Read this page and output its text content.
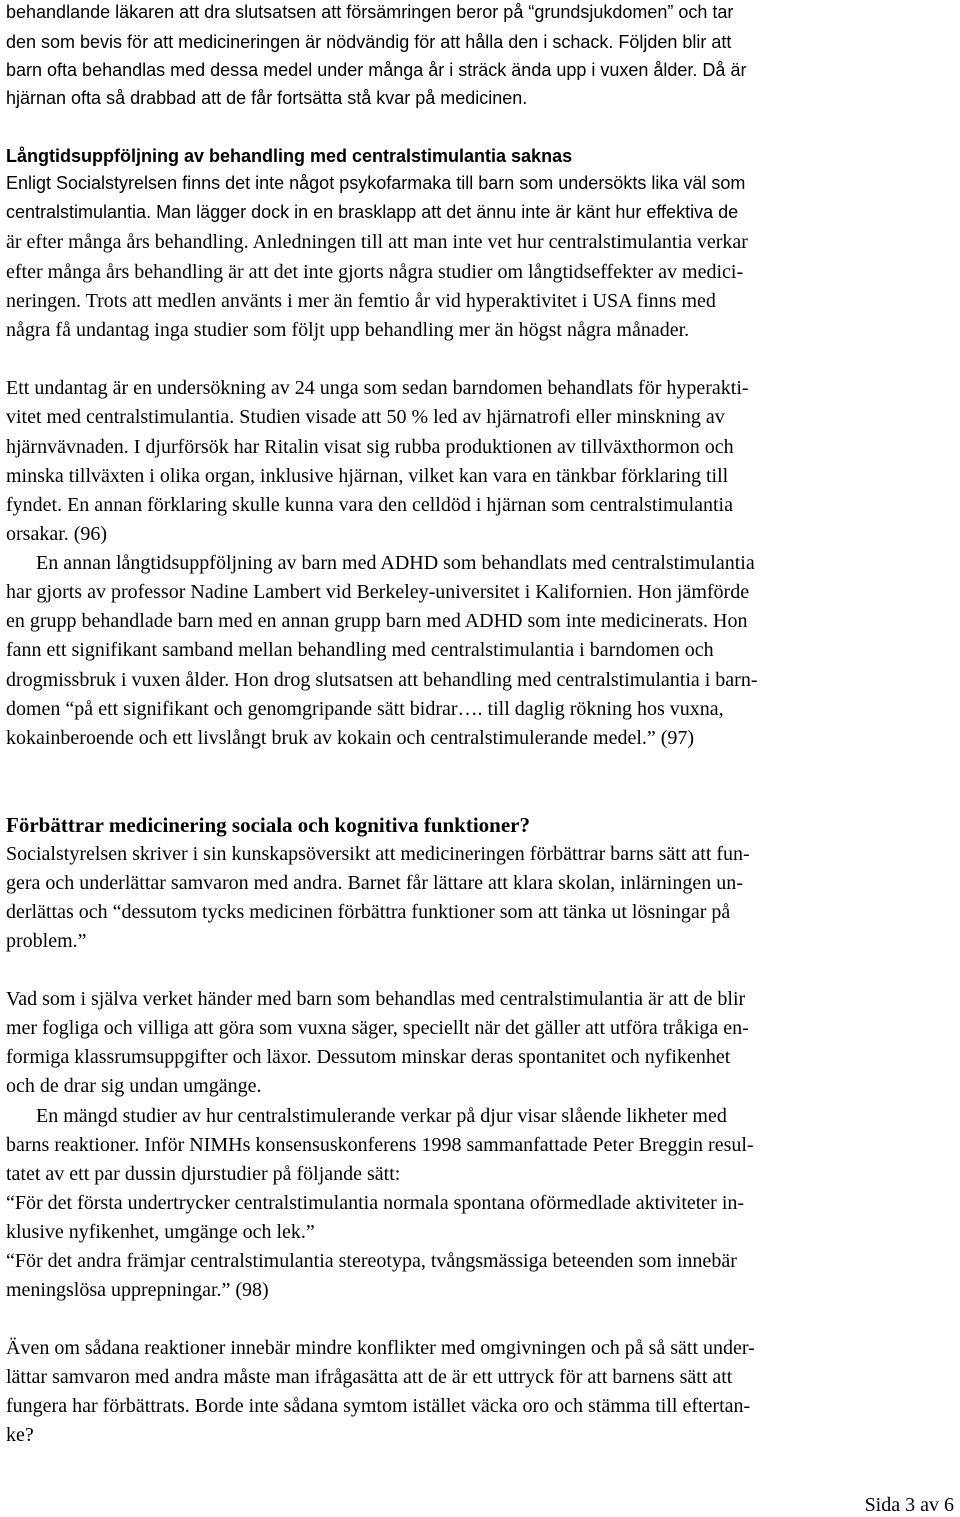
behandlande läkaren att dra slutsatsen att försämringen beror på “grundsjukdomen” och tar
den som bevis för att medicineringen är nödvändig för att hålla den i schack. Följden blir att
barn ofta behandlas med dessa medel under många år i sträck ända upp i vuxen ålder. Då är
hjärnan ofta så drabbad att de får fortsätta stå kvar på medicinen.
Långtidsuppföljning av behandling med centralstimulantia saknas
Enligt Socialstyrelsen finns det inte något psykofarmaka till barn som undersökts lika väl som
centralstimulantia. Man lägger dock in en brasklapp att det ännu inte är känt hur effektiva de
är efter många års behandling. Anledningen till att man inte vet hur centralstimulantia verkar
efter många års behandling är att det inte gjorts några studier om långtidseffekter av medici-
neringen. Trots att medlen använts i mer än femtio år vid hyperaktivitet i USA finns med
några få undantag inga studier som följt upp behandling mer än högst några månader.
Ett undantag är en undersökning av 24 unga som sedan barndomen behandlats för hyperakti-
vitet med centralstimulantia. Studien visade att 50 % led av hjärnatrofi eller minskning av
hjärnvävnaden. I djurförsök har Ritalin visat sig rubba produktionen av tillväxthormon och
minska tillväxten i olika organ, inklusive hjärnan, vilket kan vara en tänkbar förklaring till
fyndet. En annan förklaring skulle kunna vara den celldöd i hjärnan som centralstimulantia
orsakar. (96)
En annan långtidsuppföljning av barn med ADHD som behandlats med centralstimulantia
har gjorts av professor Nadine Lambert vid Berkeley-universitet i Kalifornien. Hon jämförde
en grupp behandlade barn med en annan grupp barn med ADHD som inte medicinerats. Hon
fann ett signifikant samband mellan behandling med centralstimulantia i barndomen och
drogmissbruk i vuxen ålder. Hon drog slutsatsen att behandling med centralstimulantia i barn-
domen “på ett signifikant och genomgripande sätt bidrar…. till daglig rökning hos vuxna,
kokainberoende och ett livslångt bruk av kokain och centralstimulerande medel.” (97)
Förbättrar medicinering sociala och kognitiva funktioner?
Socialstyrelsen skriver i sin kunskapsöversikt att medicineringen förbättrar barns sätt att fun-
gera och underlättar samvaron med andra. Barnet får lättare att klara skolan, inlärningen un-
derlättas och “dessutom tycks medicinen förbättra funktioner som att tänka ut lösningar på
problem.”
Vad som i själva verket händer med barn som behandlas med centralstimulantia är att de blir
mer fogliga och villiga att göra som vuxna säger, speciellt när det gäller att utföra tråkiga en-
formiga klassrumsuppgifter och läxor. Dessutom minskar deras spontanitet och nyfikenhet
och de drar sig undan umgänge.
En mängd studier av hur centralstimulerande verkar på djur visar slående likheter med
barns reaktioner. Inför NIMHs konsensuskonferens 1998 sammanfattade Peter Breggin resul-
tatet av ett par dussin djurstudier på följande sätt:
“För det första undertrycker centralstimulantia normala spontana oförmedlade aktiviteter in-
klusive nyfikenhet, umgänge och lek.”
“För det andra främjar centralstimulantia stereotypa, tvångsmässiga beteenden som innebär
meningslösa upprepningar.” (98)
Även om sådana reaktioner innebär mindre konflikter med omgivningen och på så sätt under-
lättar samvaron med andra måste man ifrågasätta att de är ett uttryck för att barnens sätt att
fungera har förbättrats. Borde inte sådana symtom istället väcka oro och stämma till eftertan-
ke?
Sida 3 av 6
